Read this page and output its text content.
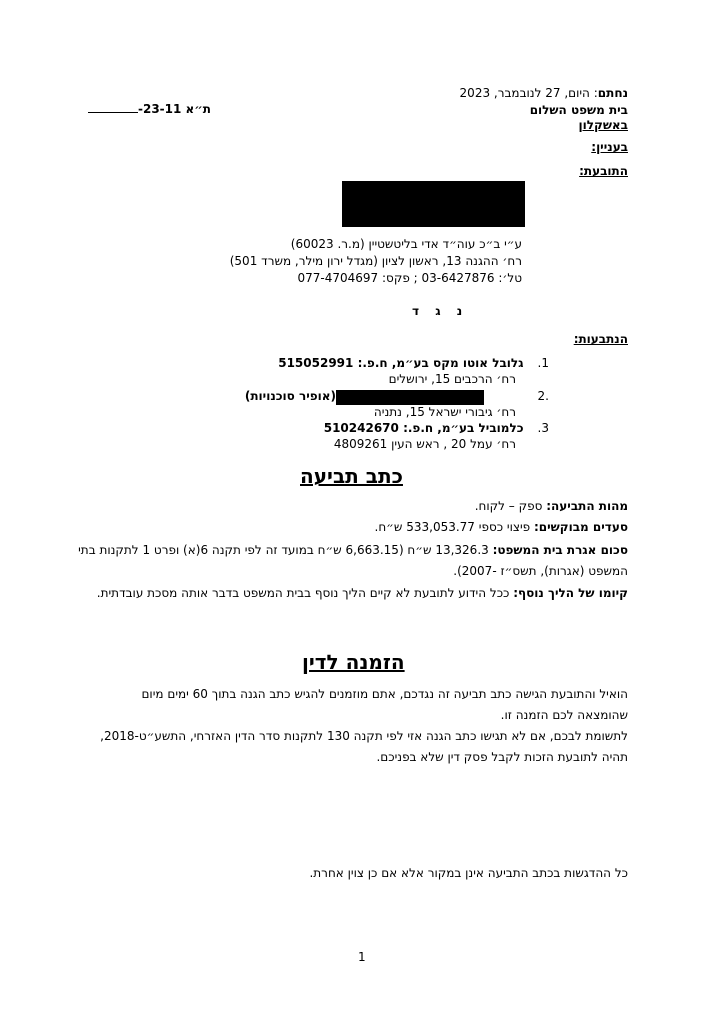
נחתם: היום, 27 לנובמבר, 2023
בית משפט השלום
באשקלון
ת״א 23-11-
בעניין:
התובעת:
ע״י ב״כ עוה״ד אדי בליטשטיין (מ.ר. 60023)
רח׳ ההגנה 13, ראשון לציון (מגדל ירון מילר, משרד 501)
טל׳: 03-6427876 ; פקס: 077-4704697
נ ג ד
הנתבעות:
1.גלובל אוטו מקס בע״מ, ח.פ.: 515052991
רח׳ הרכבים 15, ירושלים
2.
(אופיר סוכנויות)
רח׳ גיבורי ישראל 15, נתניה
3.כלמוביל בע״מ, ח.פ.: 510242670
רח׳ עמל 20 , ראש העין 4809261
כתב תביעה
מהות התביעה: ספק – לקוח.
סעדים מבוקשים: פיצוי כספי 533,053.77 ש״ח.
סכום אגרת בית המשפט: 13,326.3 ש״ח (6,663.15 ש״ח במועד זה לפי תקנה 6(א) ופרט 1 לתקנות בתי
המשפט (אגרות), תשס״ז -2007).
קיומו של הליך נוסף: ככל הידוע לתובעת לא קיים הליך נוסף בבית המשפט בדבר אותה מסכת עובדתית.
הזמנה לדין
הואיל והתובעת הגישה כתב תביעה זה נגדכם, אתם מוזמנים להגיש כתב הגנה בתוך 60 ימים מיום
שהומצאה לכם הזמנה זו.
לתשומת לבכם, אם לא תגישו כתב הגנה אזי לפי תקנה 130 לתקנות סדר הדין האזרחי, התשע״ט-2018,
תהיה לתובעת הזכות לקבל פסק דין שלא בפניכם.
כל ההדגשות בכתב התביעה אינן במקור אלא אם כן צוין אחרת.
1
